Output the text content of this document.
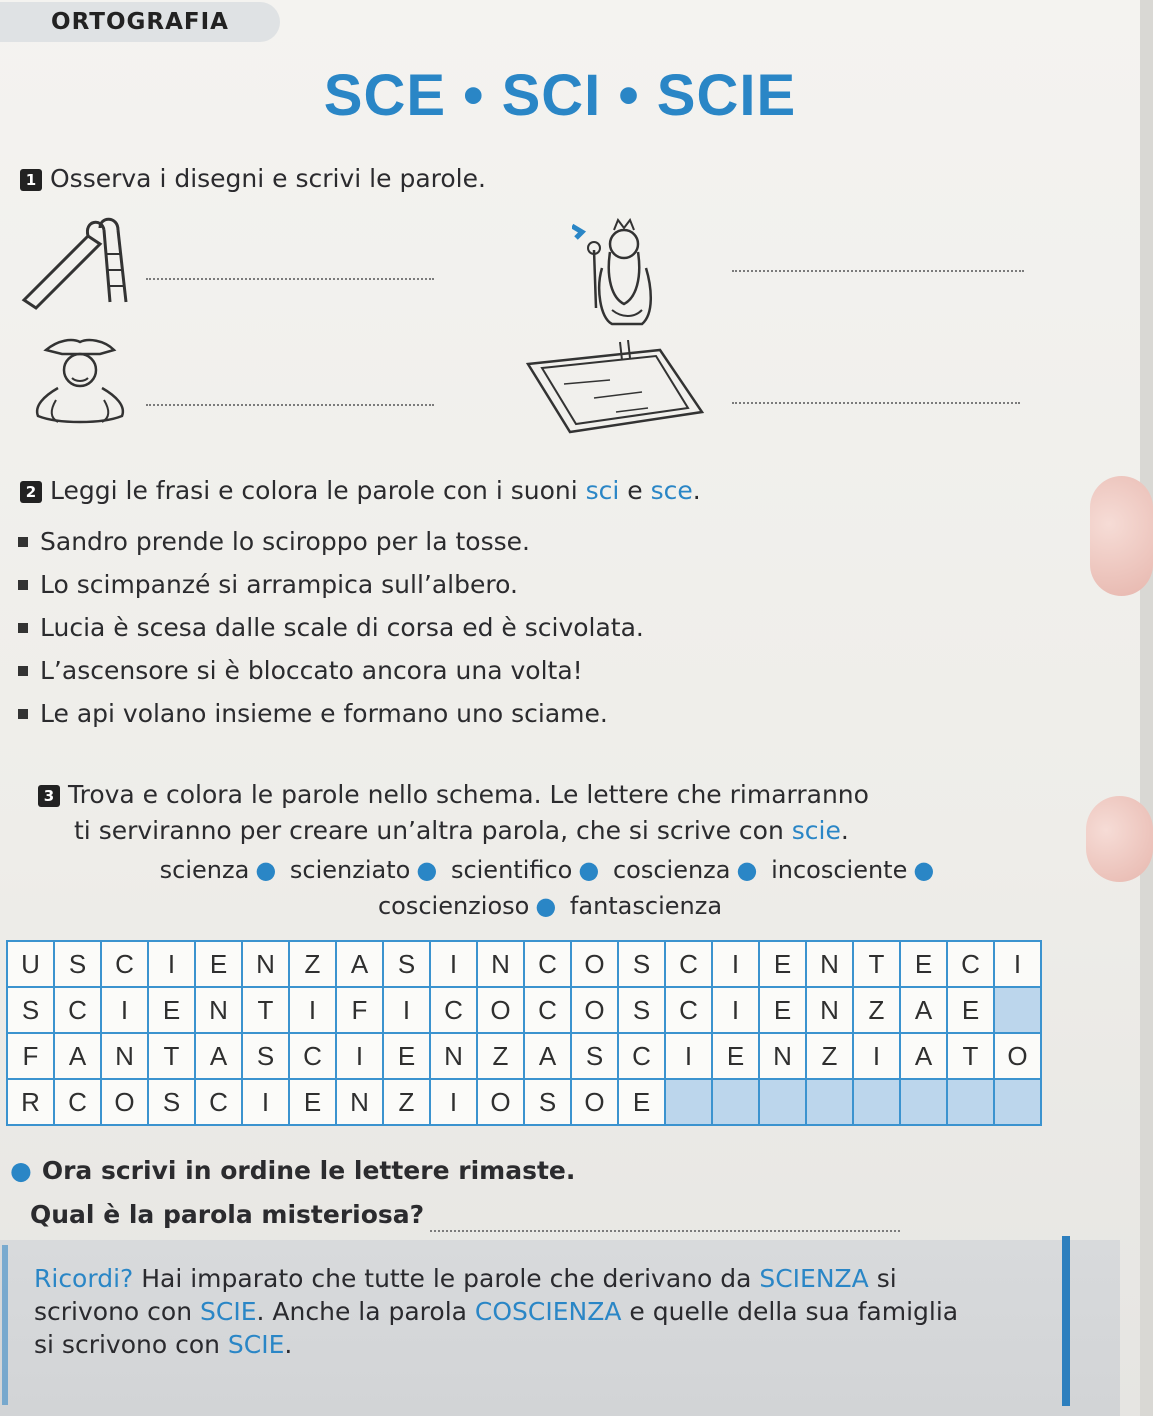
ORTOGRAFIA
SCE • SCI • SCIE
1 Osserva i disegni e scrivi le parole.
2 Leggi le frasi e colora le parole con i suoni sci e sce.
Sandro prende lo sciroppo per la tosse.
Lo scimpanzé si arrampica sull’albero.
Lucia è scesa dalle scale di corsa ed è scivolata.
L’ascensore si è bloccato ancora una volta!
Le api volano insieme e formano uno sciame.
3 Trova e colora le parole nello schema. Le lettere che rimarranno
ti serviranno per creare un’altra parola, che si scrive con scie.
scienza ● scienziato ● scientifico ● coscienza ● incosciente ●
coscienzioso ● fantascienza
U	S	C	I	E	N	Z	A	S	I	N	C	O	S	C	I	E	N	T	E	C	I
S	C	I	E	N	T	I	F	I	C	O	C	O	S	C	I	E	N	Z	A	E
F	A	N	T	A	S	C	I	E	N	Z	A	S	C	I	E	N	Z	I	A	T	O
R	C	O	S	C	I	E	N	Z	I	O	S	O	E
● Ora scrivi in ordine le lettere rimaste.
Qual è la parola misteriosa?
Ricordi? Hai imparato che tutte le parole che derivano da SCIENZA si
scrivono con SCIE. Anche la parola COSCIENZA e quelle della sua famiglia
si scrivono con SCIE.
